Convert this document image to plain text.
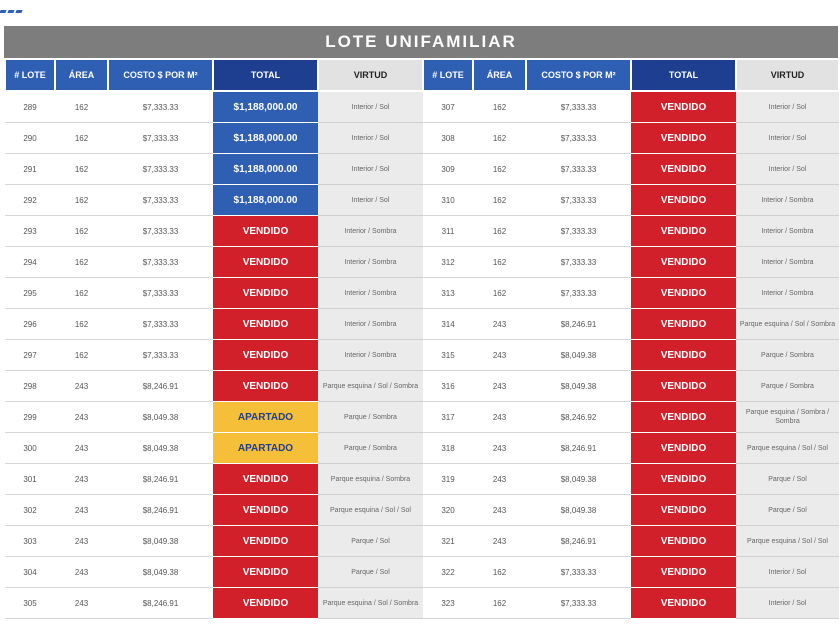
LOTE UNIFAMILIAR
# LOTE	ÁREA	COSTO $ POR M²	TOTAL	VIRTUD	# LOTE	ÁREA	COSTO $ POR M²	TOTAL	VIRTUD
289	162	$7,333.33	$1,188,000.00	Interior / Sol	307	162	$7,333.33	VENDIDO	Interior / Sol
290	162	$7,333.33	$1,188,000.00	Interior / Sol	308	162	$7,333.33	VENDIDO	Interior / Sol
291	162	$7,333.33	$1,188,000.00	Interior / Sol	309	162	$7,333.33	VENDIDO	Interior / Sol
292	162	$7,333.33	$1,188,000.00	Interior / Sol	310	162	$7,333.33	VENDIDO	Interior / Sombra
293	162	$7,333.33	VENDIDO	Interior / Sombra	311	162	$7,333.33	VENDIDO	Interior / Sombra
294	162	$7,333.33	VENDIDO	Interior / Sombra	312	162	$7,333.33	VENDIDO	Interior / Sombra
295	162	$7,333.33	VENDIDO	Interior / Sombra	313	162	$7,333.33	VENDIDO	Interior / Sombra
296	162	$7,333.33	VENDIDO	Interior / Sombra	314	243	$8,246.91	VENDIDO	Parque esquina / Sol / Sombra
297	162	$7,333.33	VENDIDO	Interior / Sombra	315	243	$8,049.38	VENDIDO	Parque / Sombra
298	243	$8,246.91	VENDIDO	Parque esquina / Sol / Sombra	316	243	$8,049.38	VENDIDO	Parque / Sombra
299	243	$8,049.38	APARTADO	Parque / Sombra	317	243	$8,246.92	VENDIDO	Parque esquina / Sombra / Sombra
300	243	$8,049.38	APARTADO	Parque / Sombra	318	243	$8,246.91	VENDIDO	Parque esquina / Sol / Sol
301	243	$8,246.91	VENDIDO	Parque esquina / Sombra	319	243	$8,049.38	VENDIDO	Parque / Sol
302	243	$8,246.91	VENDIDO	Parque esquina / Sol / Sol	320	243	$8,049.38	VENDIDO	Parque / Sol
303	243	$8,049.38	VENDIDO	Parque / Sol	321	243	$8,246.91	VENDIDO	Parque esquina / Sol / Sol
304	243	$8,049.38	VENDIDO	Parque / Sol	322	162	$7,333.33	VENDIDO	Interior / Sol
305	243	$8,246.91	VENDIDO	Parque esquina / Sol / Sombra	323	162	$7,333.33	VENDIDO	Interior / Sol
